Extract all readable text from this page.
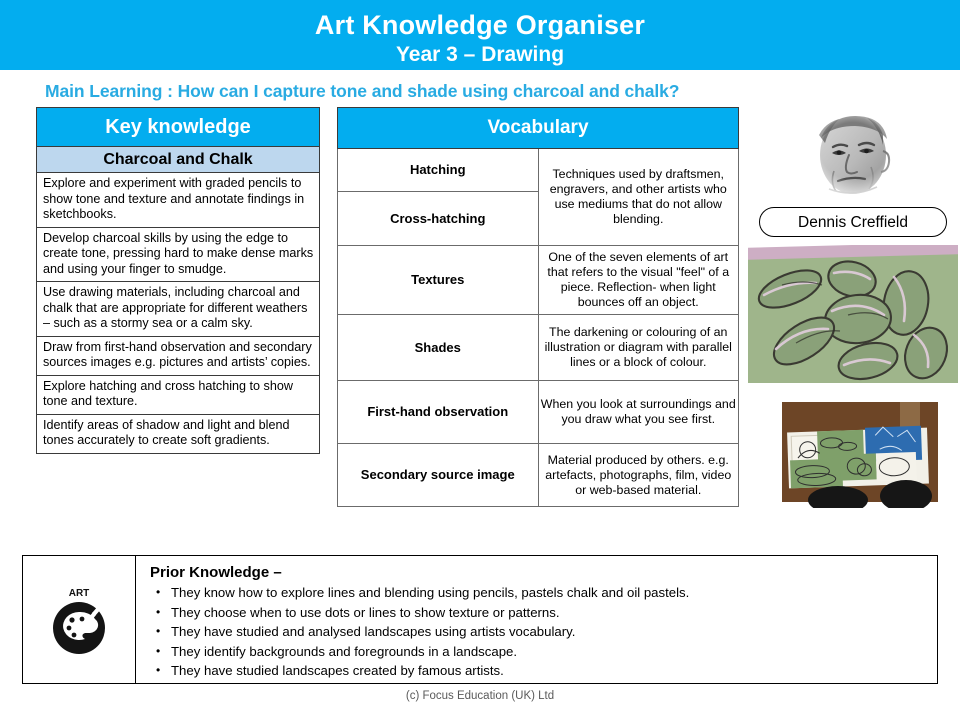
Art Knowledge Organiser
Year 3 – Drawing
Main Learning : How can I capture tone and shade using charcoal and chalk?
Key knowledge
Charcoal and Chalk
Explore and experiment with graded pencils to show tone and texture and annotate findings in sketchbooks.
Develop charcoal skills by using the edge to create tone, pressing hard to make dense marks and using your finger to smudge.
Use drawing materials, including charcoal and chalk that are appropriate for different weathers – such as a stormy sea or a calm sky.
Draw from first-hand observation and secondary sources images e.g. pictures and artists’ copies.
Explore hatching and cross hatching to show tone and texture.
Identify areas of shadow and light and blend tones accurately to create soft gradients.
Vocabulary	
Hatching	Techniques used by draftsmen, engravers, and other artists who use mediums that do not allow blending.
Cross-hatching	
Textures	One of the seven elements of art that refers to the visual "feel" of a piece. Reflection- when light bounces off an object.
Shades	The darkening or colouring of an illustration or diagram with parallel lines or a block of colour.
First-hand observation	When you look at surroundings and you draw what you see first.
Secondary source image	Material produced by others. e.g. artefacts, photographs, film, video or web-based material.
Dennis Creffield
ART
Prior Knowledge –
• They know how to explore lines and blending using pencils, pastels chalk and oil pastels.
• They choose when to use dots or lines to show texture or patterns.
• They have studied and analysed landscapes using artists vocabulary.
• They identify backgrounds and foregrounds in a landscape.
• They have studied landscapes created by famous artists.
(c) Focus Education (UK) Ltd
